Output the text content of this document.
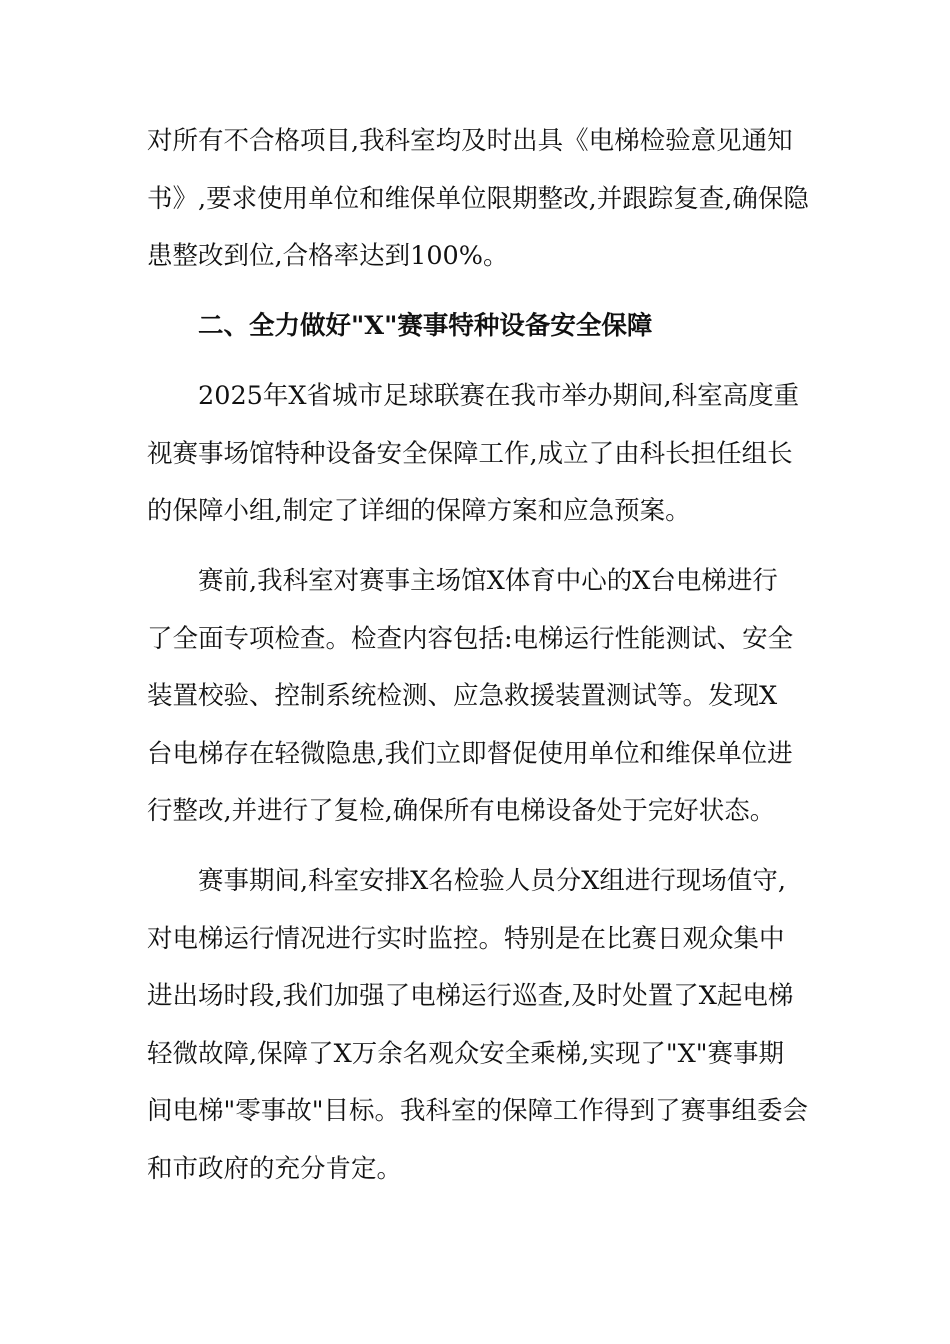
对所有不合格项目,我科室均及时出具《电梯检验意见通知
书》,要求使用单位和维保单位限期整改,并跟踪复查,确保隐
患整改到位,合格率达到100%。
二、全力做好"X"赛事特种设备安全保障
　　2025年X省城市足球联赛在我市举办期间,科室高度重
视赛事场馆特种设备安全保障工作,成立了由科长担任组长
的保障小组,制定了详细的保障方案和应急预案。
　　赛前,我科室对赛事主场馆X体育中心的X台电梯进行
了全面专项检查。检查内容包括:电梯运行性能测试、安全
装置校验、控制系统检测、应急救援装置测试等。发现X
台电梯存在轻微隐患,我们立即督促使用单位和维保单位进
行整改,并进行了复检,确保所有电梯设备处于完好状态。
　　赛事期间,科室安排X名检验人员分X组进行现场值守,
对电梯运行情况进行实时监控。特别是在比赛日观众集中
进出场时段,我们加强了电梯运行巡查,及时处置了X起电梯
轻微故障,保障了X万余名观众安全乘梯,实现了"X"赛事期
间电梯"零事故"目标。我科室的保障工作得到了赛事组委会
和市政府的充分肯定。
